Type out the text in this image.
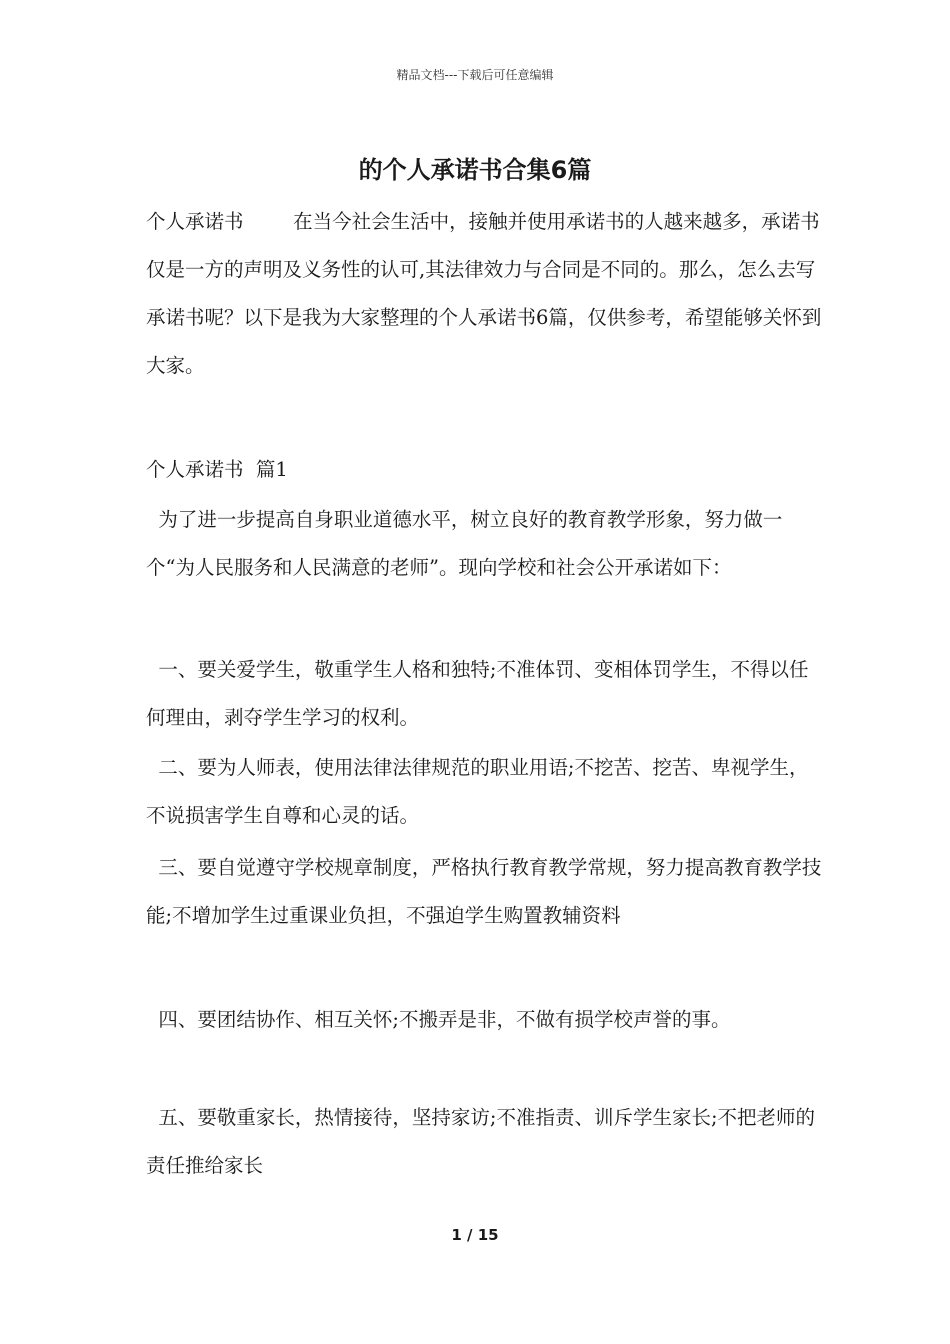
精品文档---下载后可任意编辑
的个人承诺书合集6篇

个人承诺书        在当今社会生活中，接触并使用承诺书的人越来越多，承诺书仅是一方的声明及义务性的认可,其法律效力与合同是不同的。那么，怎么去写承诺书呢？以下是我为大家整理的个人承诺书6篇，仅供参考，希望能够关怀到大家。

个人承诺书  篇1

为了进一步提高自身职业道德水平，树立良好的教育教学形象，努力做一个“为人民服务和人民满意的老师”。现向学校和社会公开承诺如下：

一、要关爱学生，敬重学生人格和独特;不准体罚、变相体罚学生，不得以任何理由，剥夺学生学习的权利。

二、要为人师表，使用法律法律规范的职业用语;不挖苦、挖苦、卑视学生，不说损害学生自尊和心灵的话。

三、要自觉遵守学校规章制度，严格执行教育教学常规，努力提高教育教学技能;不增加学生过重课业负担，不强迫学生购置教辅资料

四、要团结协作、相互关怀;不搬弄是非，不做有损学校声誉的事。

五、要敬重家长，热情接待，坚持家访;不准指责、训斥学生家长;不把老师的责任推给家长

1 / 15
